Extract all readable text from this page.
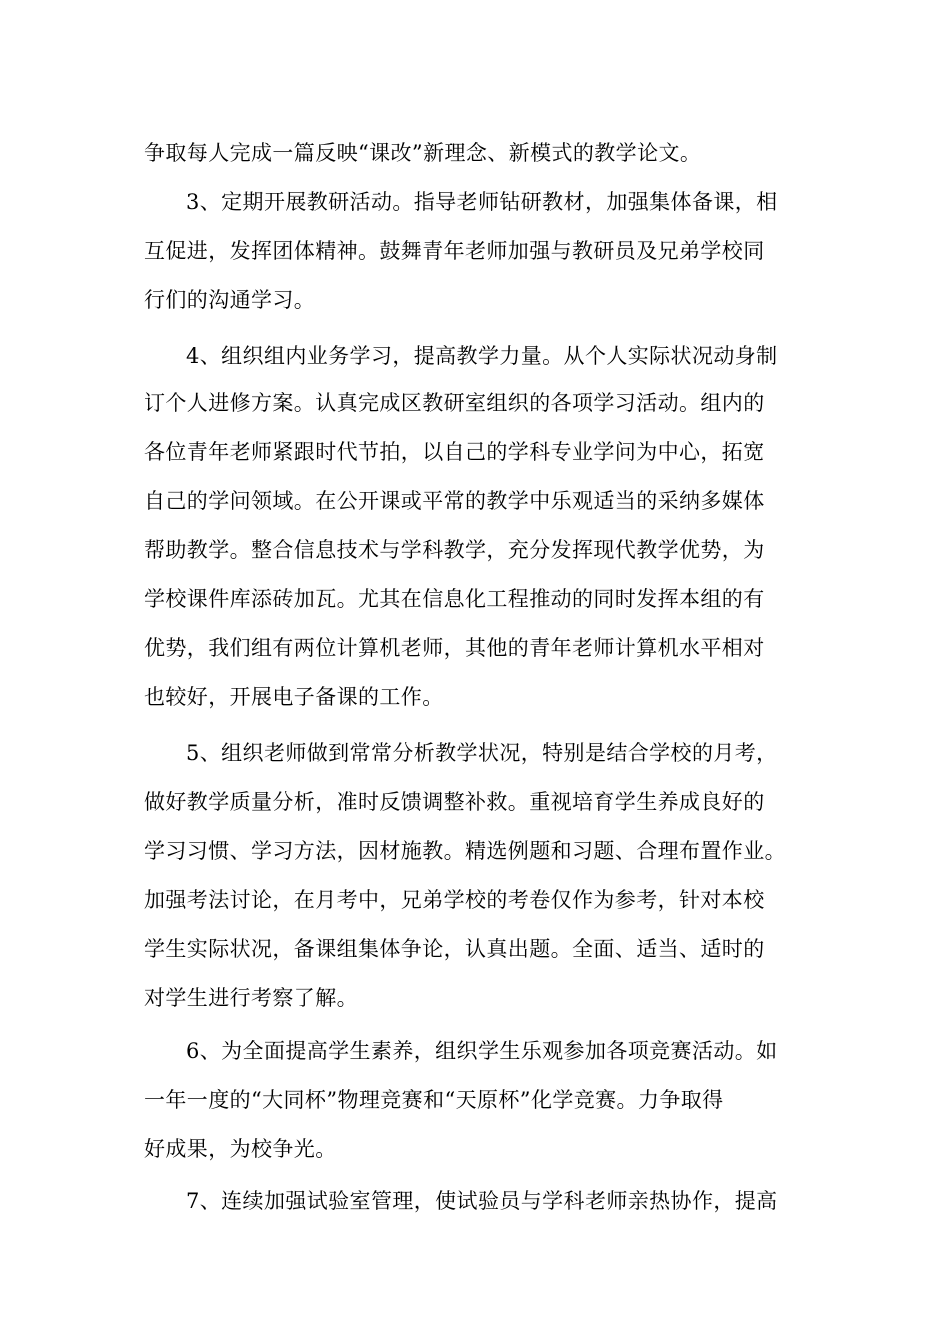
争取每人完成一篇反映“课改”新理念、新模式的教学论文。
3、定期开展教研活动。指导老师钻研教材，加强集体备课，相
互促进，发挥团体精神。鼓舞青年老师加强与教研员及兄弟学校同
行们的沟通学习。
4、组织组内业务学习，提高教学力量。从个人实际状况动身制
订个人进修方案。认真完成区教研室组织的各项学习活动。组内的
各位青年老师紧跟时代节拍，以自己的学科专业学问为中心，拓宽
自己的学问领域。在公开课或平常的教学中乐观适当的采纳多媒体
帮助教学。整合信息技术与学科教学，充分发挥现代教学优势，为
学校课件库添砖加瓦。尤其在信息化工程推动的同时发挥本组的有
优势，我们组有两位计算机老师，其他的青年老师计算机水平相对
也较好，开展电子备课的工作。
5、组织老师做到常常分析教学状况，特别是结合学校的月考，
做好教学质量分析，准时反馈调整补救。重视培育学生养成良好的
学习习惯、学习方法，因材施教。精选例题和习题、合理布置作业。
加强考法讨论，在月考中，兄弟学校的考卷仅作为参考，针对本校
学生实际状况，备课组集体争论，认真出题。全面、适当、适时的
对学生进行考察了解。
6、为全面提高学生素养，组织学生乐观参加各项竞赛活动。如
一年一度的“大同杯”物理竞赛和“天原杯”化学竞赛。力争取得
好成果，为校争光。
7、连续加强试验室管理，使试验员与学科老师亲热协作，提高
